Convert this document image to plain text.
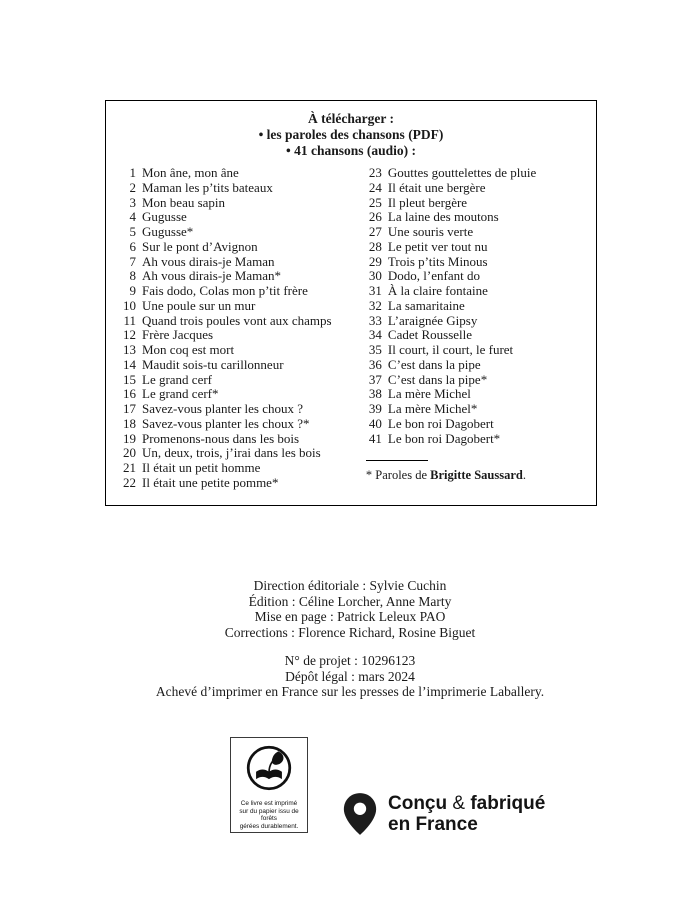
À télécharger :
• les paroles des chansons (PDF)
• 41 chansons (audio) :
1 Mon âne, mon âne
2 Maman les p’tits bateaux
3 Mon beau sapin
4 Gugusse
5 Gugusse*
6 Sur le pont d’Avignon
7 Ah vous dirais-je Maman
8 Ah vous dirais-je Maman*
9 Fais dodo, Colas mon p’tit frère
10 Une poule sur un mur
11 Quand trois poules vont aux champs
12 Frère Jacques
13 Mon coq est mort
14 Maudit sois-tu carillonneur
15 Le grand cerf
16 Le grand cerf*
17 Savez-vous planter les choux ?
18 Savez-vous planter les choux ?*
19 Promenons-nous dans les bois
20 Un, deux, trois, j’irai dans les bois
21 Il était un petit homme
22 Il était une petite pomme*
23 Gouttes gouttelettes de pluie
24 Il était une bergère
25 Il pleut bergère
26 La laine des moutons
27 Une souris verte
28 Le petit ver tout nu
29 Trois p’tits Minous
30 Dodo, l’enfant do
31 À la claire fontaine
32 La samaritaine
33 L’araignée Gipsy
34 Cadet Rousselle
35 Il court, il court, le furet
36 C’est dans la pipe
37 C’est dans la pipe*
38 La mère Michel
39 La mère Michel*
40 Le bon roi Dagobert
41 Le bon roi Dagobert*
* Paroles de Brigitte Saussard.
Direction éditoriale : Sylvie Cuchin
Édition : Céline Lorcher, Anne Marty
Mise en page : Patrick Leleux PAO
Corrections : Florence Richard, Rosine Biguet
N° de projet : 10296123
Dépôt légal : mars 2024
Achevé d’imprimer en France sur les presses de l’imprimerie Laballery.
Ce livre est imprimé
sur du papier issu de forêts
gérées durablement.
Conçu & fabriqué
en France
